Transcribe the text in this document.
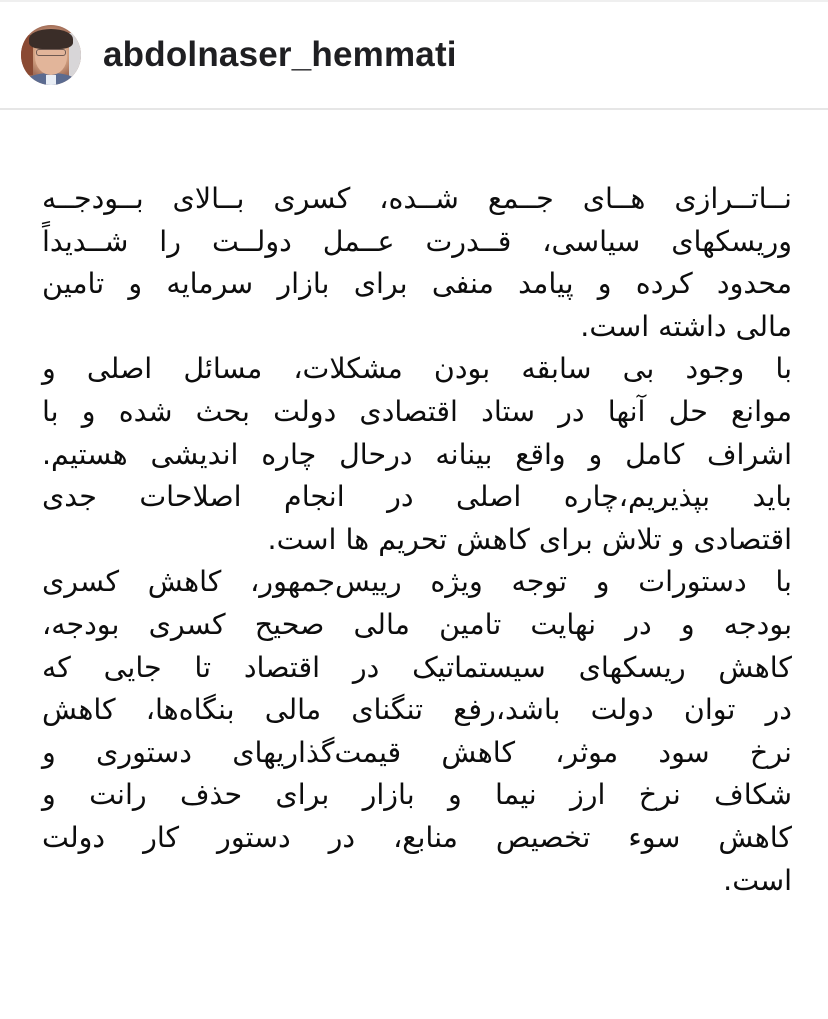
abdolnaser_hemmati
نــاتــرازی هــای جــمع شــده، کسری بــالای بــودجــه
وریسکهای سیاسی، قــدرت عــمل دولــت را شــدیداً
محدود کرده و پیامد منفی برای بازار سرمایه و تامین
مالی داشته است.
با وجود بی سابقه بودن مشکلات، مسائل اصلی و
موانع حل آنها در ستاد اقتصادی دولت بحث شده و با
اشراف کامل و واقع بینانه درحال چاره اندیشی هستیم.
باید بپذیریم،چاره اصلی در انجام اصلاحات جدی
اقتصادی و تلاش برای کاهش تحریم ها است.
با دستورات و توجه ویژه رییس‌جمهور، کاهش کسری
بودجه و در نهایت تامین مالی صحیح کسری بودجه،
کاهش ریسکهای سیستماتیک در اقتصاد تا جایی که
در توان دولت باشد،رفع تنگنای مالی بنگاه‌ها، کاهش
نرخ سود موثر، کاهش قیمت‌گذاریهای دستوری و
شکاف نرخ ارز نیما و بازار برای حذف رانت و
کاهش سوء تخصیص منابع، در دستور کار دولت
است.
